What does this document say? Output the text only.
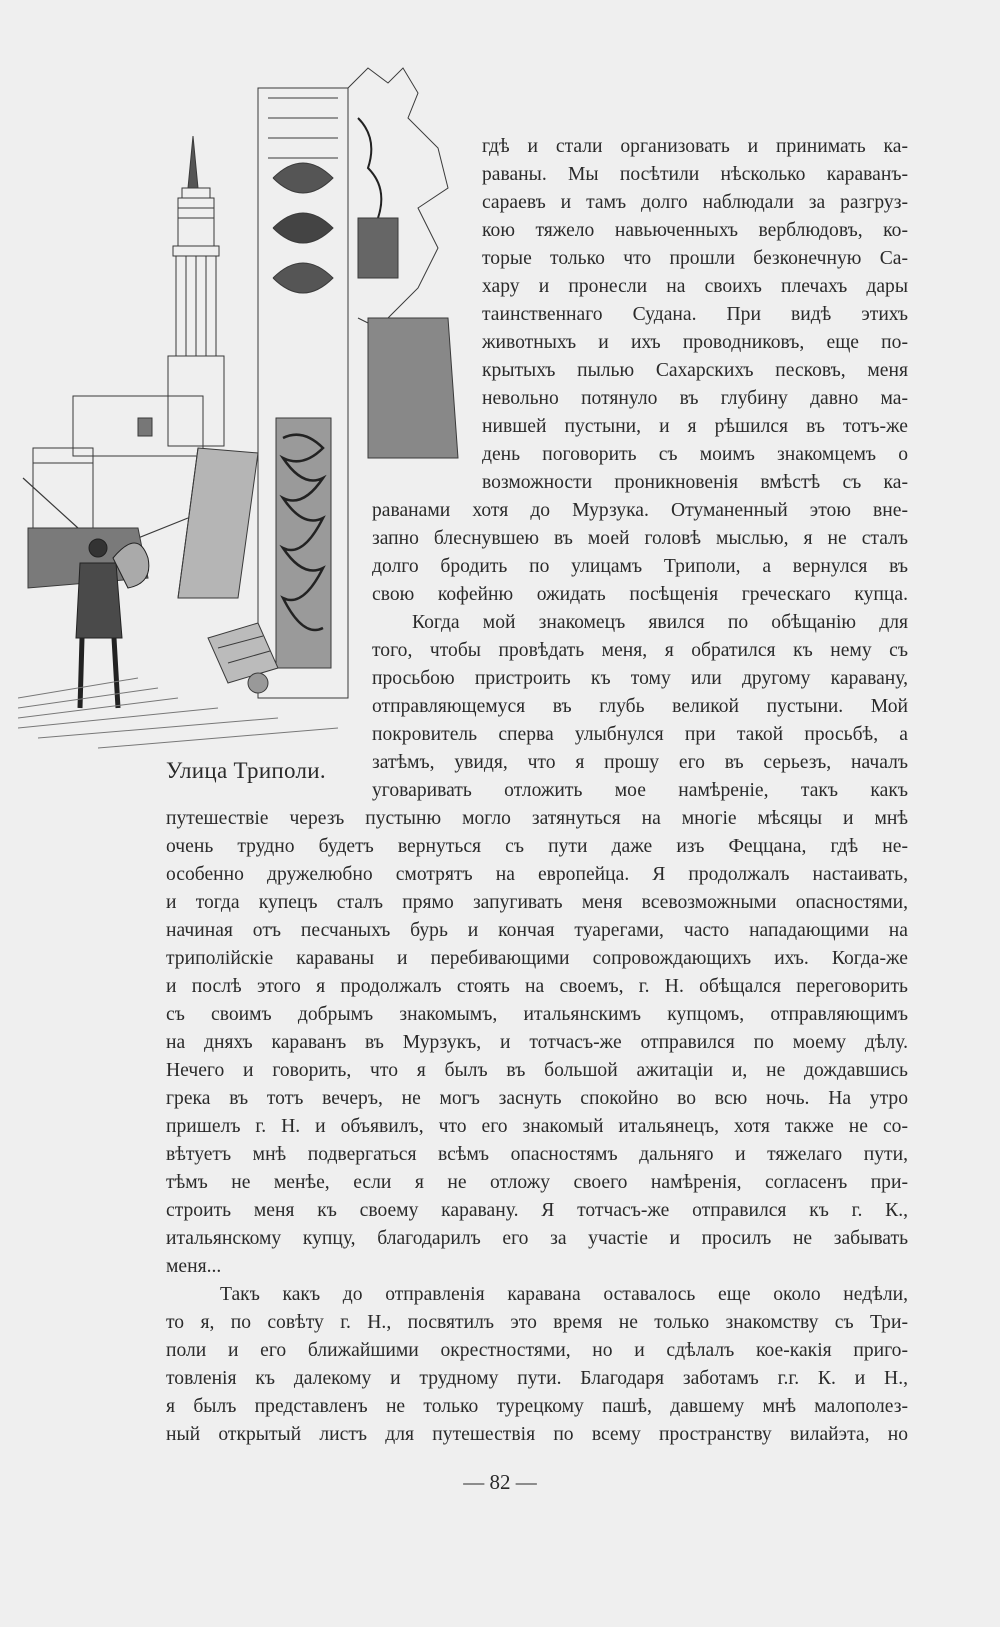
Улица Триполи.
гдѣ и стали организовать и принимать ка-
раваны. Мы посѣтили нѣсколько караванъ-
сараевъ и тамъ долго наблюдали за разгруз-
кою тяжело навьюченныхъ верблюдовъ, ко-
торые только что прошли безконечную Са-
хару и пронесли на своихъ плечахъ дары
таинственнаго Судана. При видѣ этихъ
животныхъ и ихъ проводниковъ, еще по-
крытыхъ пылью Сахарскихъ песковъ, меня
невольно потянуло въ глубину давно ма-
нившей пустыни, и я рѣшился въ тотъ-же
день поговорить съ моимъ знакомцемъ о
возможности проникновенія вмѣстѣ съ ка-
раванами хотя до Мурзука. Отуманенный этою вне-
запно блеснувшею въ моей головѣ мыслью, я не сталъ
долго бродить по улицамъ Триполи, а вернулся въ
свою кофейню ожидать посѣщенія греческаго купца.
Когда мой знакомецъ явился по обѣщанію для
того, чтобы провѣдать меня, я обратился къ нему съ
просьбою пристроить къ тому или другому каравану,
отправляющемуся въ глубь великой пустыни. Мой
покровитель сперва улыбнулся при такой просьбѣ, а
затѣмъ, увидя, что я прошу его въ серьезъ, началъ
уговаривать отложить мое намѣреніе, такъ какъ
путешествіе черезъ пустыню могло затянуться на многіе мѣсяцы и мнѣ
очень трудно будетъ вернуться съ пути даже изъ Феццана, гдѣ не-
особенно дружелюбно смотрятъ на европейца. Я продолжалъ настаивать,
и тогда купецъ сталъ прямо запугивать меня всевозможными опасностями,
начиная отъ песчаныхъ бурь и кончая туарегами, часто нападающими на
триполійскіе караваны и перебивающими сопровождающихъ ихъ. Когда-же
и послѣ этого я продолжалъ стоять на своемъ, г. Н. обѣщался переговорить
съ своимъ добрымъ знакомымъ, итальянскимъ купцомъ, отправляющимъ
на дняхъ караванъ въ Мурзукъ, и тотчасъ-же отправился по моему дѣлу.
Нечего и говорить, что я былъ въ большой ажитаціи и, не дождавшись
грека въ тотъ вечеръ, не могъ заснуть спокойно во всю ночь. На утро
пришелъ г. Н. и объявилъ, что его знакомый итальянецъ, хотя также не со-
вѣтуетъ мнѣ подвергаться всѣмъ опасностямъ дальняго и тяжелаго пути,
тѣмъ не менѣе, если я не отложу своего намѣренія, согласенъ при-
строить меня къ своему каравану. Я тотчасъ-же отправился къ г. К.,
итальянскому купцу, благодарилъ его за участіе и просилъ не забывать
меня...
Такъ какъ до отправленія каравана оставалось еще около недѣли,
то я, по совѣту г. Н., посвятилъ это время не только знакомству съ Три-
поли и его ближайшими окрестностями, но и сдѣлалъ кое-какія приго-
товленія къ далекому и трудному пути. Благодаря заботамъ г.г. К. и Н.,
я былъ представленъ не только турецкому пашѣ, давшему мнѣ малополез-
ный открытый листъ для путешествія по всему пространству вилайэта, но
— 82 —
